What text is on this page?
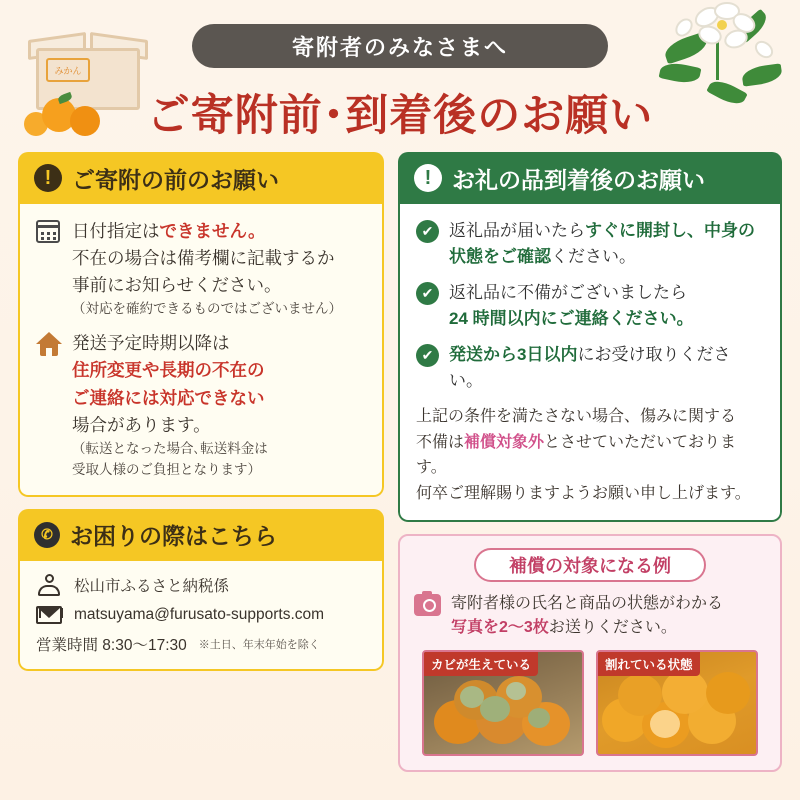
みかん
寄附者のみなさまへ
ご寄附前･到着後のお願い
! ご寄附の前のお願い
日付指定はできません。
不在の場合は備考欄に記載するか
事前にお知らせください。
（対応を確約できるものではございません）
発送予定時期以降は
住所変更や長期の不在の
ご連絡には対応できない
場合があります。
（転送となった場合､転送料金は
受取人様のご負担となります）
✆ お困りの際はこちら
松山市ふるさと納税係
matsuyama@furusato-supports.com
営業時間 8:30〜17:30 ※土日、年末年始を除く
! お礼の品到着後のお願い
✔ 返礼品が届いたらすぐに開封し、中身の
状態をご確認ください。
✔ 返礼品に不備がございましたら
24 時間以内にご連絡ください。
✔ 発送から3日以内にお受け取りください。
上記の条件を満たさない場合、傷みに関する
不備は補償対象外とさせていただいております。
何卒ご理解賜りますようお願い申し上げます。
補償の対象になる例
寄附者様の氏名と商品の状態がわかる
写真を2〜3枚お送りください。
カビが生えている	割れている状態
